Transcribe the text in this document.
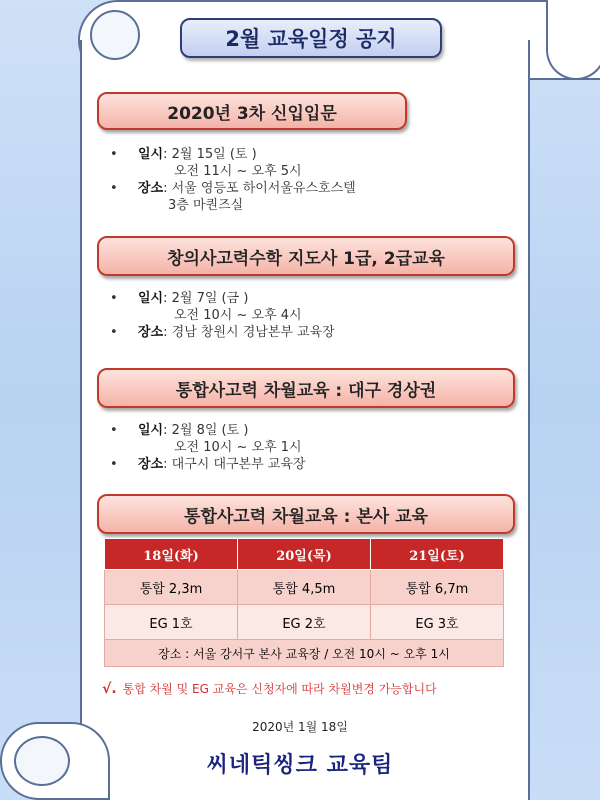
2월 교육일정 공지
2020년 3차 신입입문
•	일시 : 2월 15일 (토 )
오전 11시 ~ 오후 5시
•	장소 : 서울 영등포 하이서울유스호스텔
3층 마퀀즈실
창의사고력수학 지도사 1급, 2급교육
•	일시 : 2월 7일 (금 )
오전 10시 ~ 오후 4시
•	장소 : 경남 창원시 경남본부 교육장
통합사고력 차월교육 : 대구 경상권
•	일시 : 2월 8일 (토 )
오전 10시 ~ 오후 1시
•	장소 : 대구시 대구본부 교육장
통합사고력 차월교육 : 본사 교육
18일(화)	20일(목)	21일(토)
통합 2,3m	통합 4,5m	통합 6,7m
EG 1호	EG 2호	EG 3호
장소 : 서울 강서구 본사 교육장 / 오전 10시 ~ 오후 1시		
√. 통합 차월 및 EG 교육은 신청자에 따라 차월변경 가능합니다
2020년 1월 18일
씨네틱씽크 교육팀
